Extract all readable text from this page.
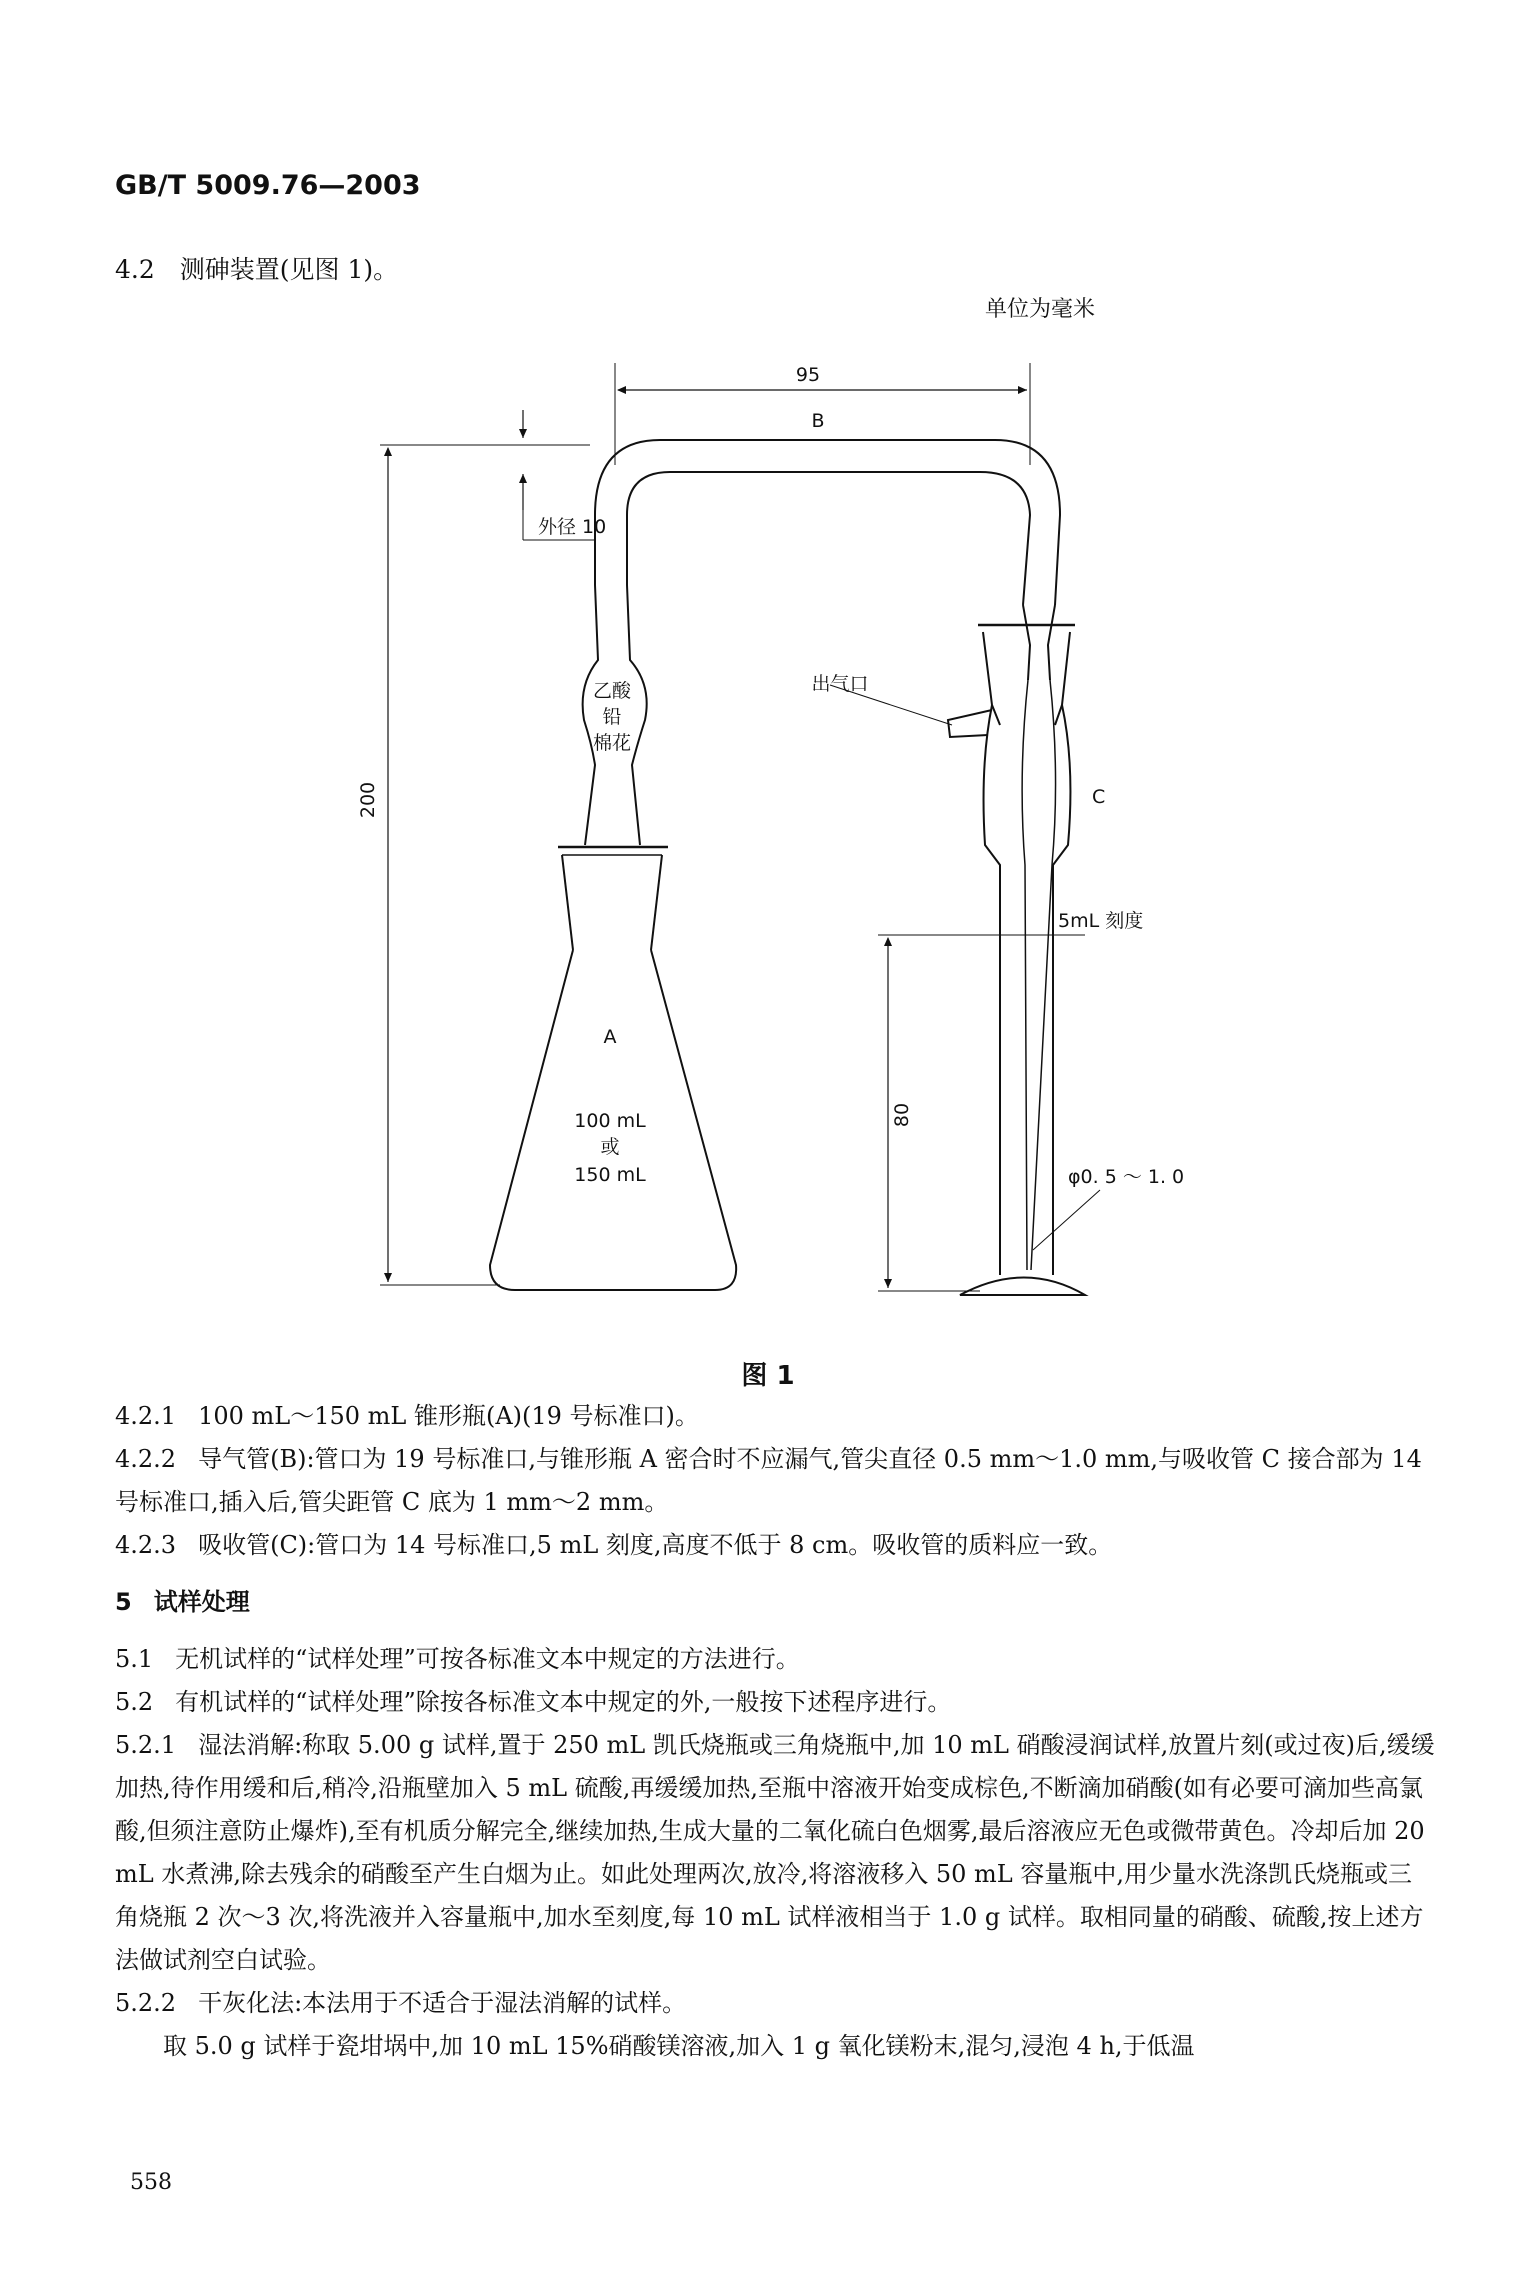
GB/T 5009.76—2003
4.2　测砷装置(见图 1)。
单位为毫米
95
B
外径 10
乙酸
铅
棉花
出气口
C
5mL 刻度
200
A
100 mL
或
150 mL
80
φ0. 5 ～ 1. 0
图 1

4.2.1 100 mL～150 mL 锥形瓶(A)(19 号标准口)。

4.2.2 导气管(B):管口为 19 号标准口,与锥形瓶 A 密合时不应漏气,管尖直径 0.5 mm～1.0 mm,与吸收管 C 接合部为 14 号标准口,插入后,管尖距管 C 底为 1 mm～2 mm。

4.2.3 吸收管(C):管口为 14 号标准口,5 mL 刻度,高度不低于 8 cm。吸收管的质料应一致。

5 试样处理

5.1 无机试样的“试样处理”可按各标准文本中规定的方法进行。

5.2 有机试样的“试样处理”除按各标准文本中规定的外,一般按下述程序进行。

5.2.1 湿法消解:称取 5.00 g 试样,置于 250 mL 凯氏烧瓶或三角烧瓶中,加 10 mL 硝酸浸润试样,放置片刻(或过夜)后,缓缓加热,待作用缓和后,稍冷,沿瓶壁加入 5 mL 硫酸,再缓缓加热,至瓶中溶液开始变成棕色,不断滴加硝酸(如有必要可滴加些高氯酸,但须注意防止爆炸),至有机质分解完全,继续加热,生成大量的二氧化硫白色烟雾,最后溶液应无色或微带黄色。冷却后加 20 mL 水煮沸,除去残余的硝酸至产生白烟为止。如此处理两次,放冷,将溶液移入 50 mL 容量瓶中,用少量水洗涤凯氏烧瓶或三角烧瓶 2 次～3 次,将洗液并入容量瓶中,加水至刻度,每 10 mL 试样液相当于 1.0 g 试样。取相同量的硝酸、硫酸,按上述方法做试剂空白试验。

5.2.2 干灰化法:本法用于不适合于湿法消解的试样。

取 5.0 g 试样于瓷坩埚中,加 10 mL 15%硝酸镁溶液,加入 1 g 氧化镁粉末,混匀,浸泡 4 h,于低温

558
